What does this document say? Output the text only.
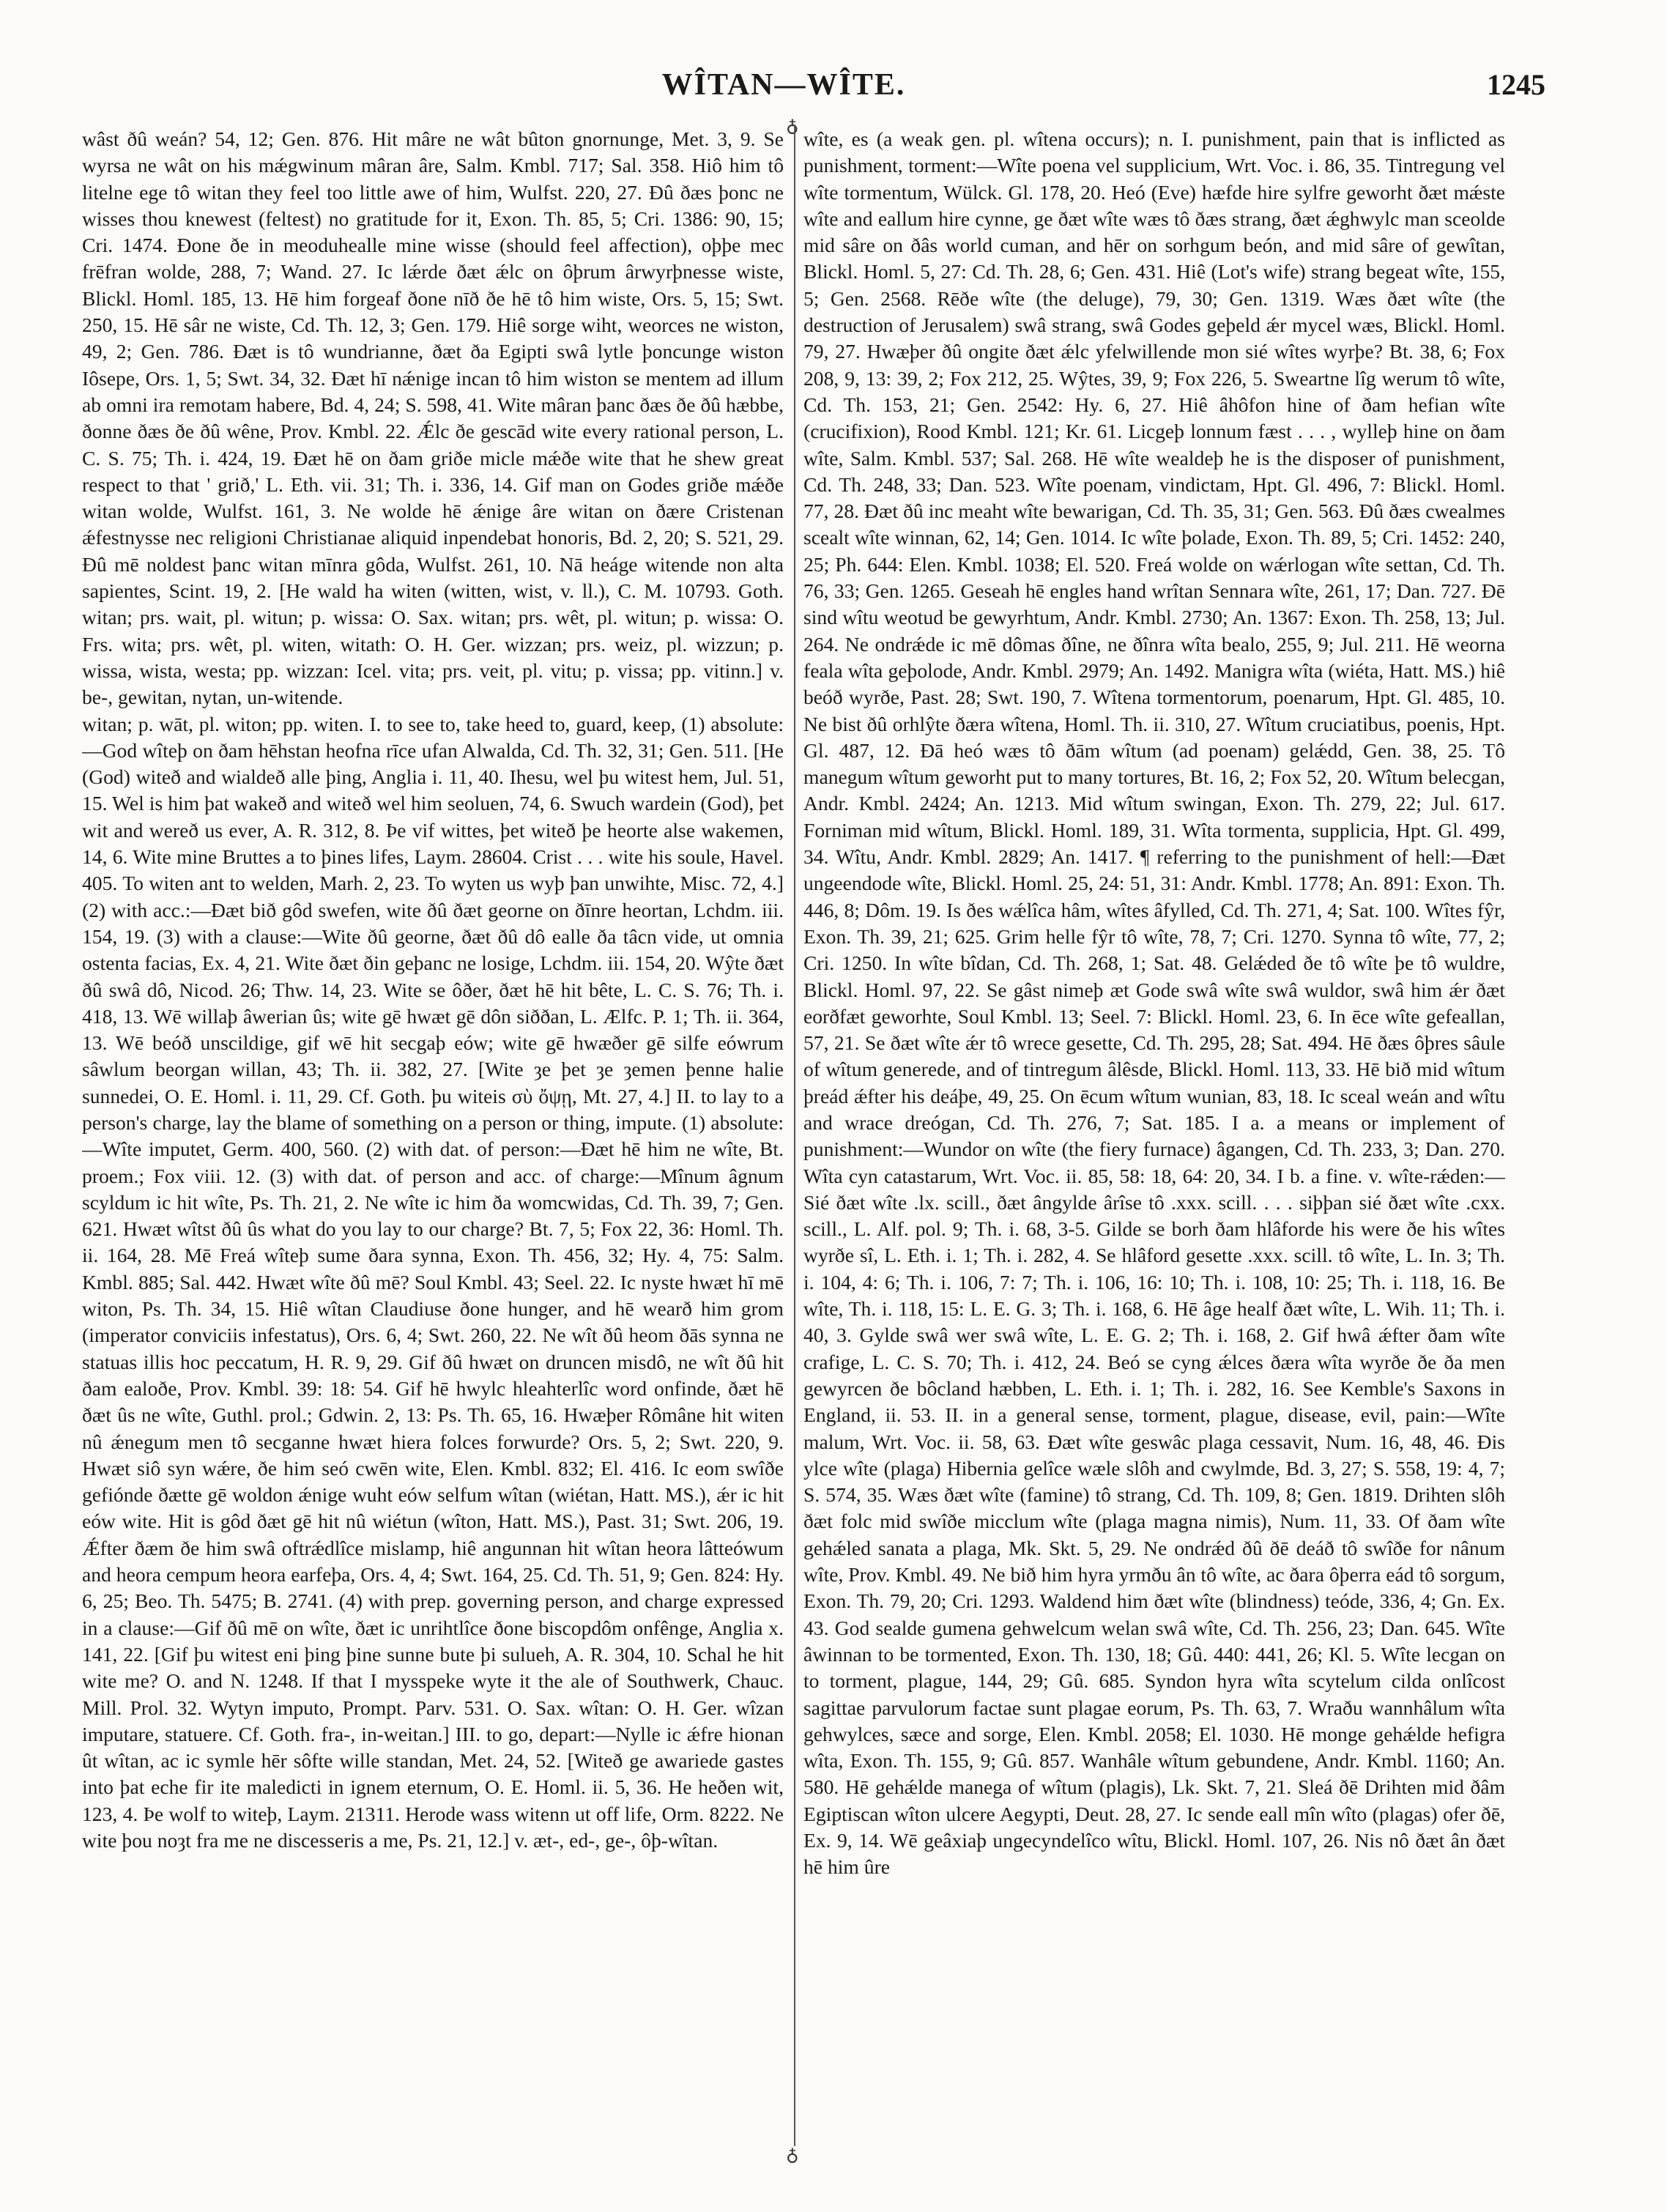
WÎTAN—WÎTE.	1245
♁
♁

wâst ðû weán? 54, 12; Gen. 876. Hit mâre ne wât bûton gnornunge, Met. 3, 9. Se wyrsa ne wât on his mǽgwinum mâran âre, Salm. Kmbl. 717; Sal. 358. Hiô him tô litelne ege tô witan they feel too little awe of him, Wulfst. 220, 27. Ðû ðæs þonc ne wisses thou knewest (feltest) no gratitude for it, Exon. Th. 85, 5; Cri. 1386: 90, 15; Cri. 1474. Ðone ðe in meoduhealle mine wisse (should feel affection), oþþe mec frēfran wolde, 288, 7; Wand. 27. Ic lǽrde ðæt ǽlc on ôþrum ârwyrþnesse wiste, Blickl. Homl. 185, 13. Hē him forgeaf ðone nīð ðe hē tô him wiste, Ors. 5, 15; Swt. 250, 15. Hē sâr ne wiste, Cd. Th. 12, 3; Gen. 179. Hiê sorge wiht, weorces ne wiston, 49, 2; Gen. 786. Ðæt is tô wundrianne, ðæt ða Egipti swâ lytle þoncunge wiston Iôsepe, Ors. 1, 5; Swt. 34, 32. Ðæt hī nǽnige incan tô him wiston se mentem ad illum ab omni ira remotam habere, Bd. 4, 24; S. 598, 41. Wite mâran þanc ðæs ðe ðû hæbbe, ðonne ðæs ðe ðû wêne, Prov. Kmbl. 22. Ǽlc ðe gescād wite every rational person, L. C. S. 75; Th. i. 424, 19. Ðæt hē on ðam griðe micle mǽðe wite that he shew great respect to that ' grið,' L. Eth. vii. 31; Th. i. 336, 14. Gif man on Godes griðe mǽðe witan wolde, Wulfst. 161, 3. Ne wolde hē ǽnige âre witan on ðære Cristenan ǽfestnysse nec religioni Christianae aliquid inpendebat honoris, Bd. 2, 20; S. 521, 29. Ðû mē noldest þanc witan mīnra gôda, Wulfst. 261, 10. Nā heáge witende non alta sapientes, Scint. 19, 2. [He wald ha witen (witten, wist, v. ll.), C. M. 10793. Goth. witan; prs. wait, pl. witun; p. wissa: O. Sax. witan; prs. wêt, pl. witun; p. wissa: O. Frs. wita; prs. wêt, pl. witen, witath: O. H. Ger. wizzan; prs. weiz, pl. wizzun; p. wissa, wista, westa; pp. wizzan: Icel. vita; prs. veit, pl. vitu; p. vissa; pp. vitinn.] v. be-, gewitan, nytan, un-witende.

witan; p. wāt, pl. witon; pp. witen. I. to see to, take heed to, guard, keep, (1) absolute:—God wîteþ on ðam hēhstan heofna rīce ufan Alwalda, Cd. Th. 32, 31; Gen. 511. [He (God) witeð and wialdeð alle þing, Anglia i. 11, 40. Ihesu, wel þu witest hem, Jul. 51, 15. Wel is him þat wakeð and witeð wel him seoluen, 74, 6. Swuch wardein (God), þet wit and wereð us ever, A. R. 312, 8. Þe vif wittes, þet witeð þe heorte alse wakemen, 14, 6. Wite mine Bruttes a to þines lifes, Laym. 28604. Crist . . . wite his soule, Havel. 405. To witen ant to welden, Marh. 2, 23. To wyten us wyþ þan unwihte, Misc. 72, 4.] (2) with acc.:—Ðæt bið gôd swefen, wite ðû ðæt georne on ðīnre heortan, Lchdm. iii. 154, 19. (3) with a clause:—Wite ðû georne, ðæt ðû dô ealle ða tâcn vide, ut omnia ostenta facias, Ex. 4, 21. Wite ðæt ðin geþanc ne losige, Lchdm. iii. 154, 20. Wŷte ðæt ðû swâ dô, Nicod. 26; Thw. 14, 23. Wite se ôðer, ðæt hē hit bête, L. C. S. 76; Th. i. 418, 13. Wē willaþ âwerian ûs; wite gē hwæt gē dôn siððan, L. Ælfc. P. 1; Th. ii. 364, 13. Wē beóð unscildige, gif wē hit secgaþ eów; wite gē hwæðer gē silfe eówrum sâwlum beorgan willan, 43; Th. ii. 382, 27. [Wite ȝe þet ȝe ȝemen þenne halie sunnedei, O. E. Homl. i. 11, 29. Cf. Goth. þu witeis σὺ ὄψῃ, Mt. 27, 4.] II. to lay to a person's charge, lay the blame of something on a person or thing, impute. (1) absolute:—Wîte imputet, Germ. 400, 560. (2) with dat. of person:—Ðæt hē him ne wîte, Bt. proem.; Fox viii. 12. (3) with dat. of person and acc. of charge:—Mînum âgnum scyldum ic hit wîte, Ps. Th. 21, 2. Ne wîte ic him ða womcwidas, Cd. Th. 39, 7; Gen. 621. Hwæt wîtst ðû ûs what do you lay to our charge? Bt. 7, 5; Fox 22, 36: Homl. Th. ii. 164, 28. Mē Freá wîteþ sume ðara synna, Exon. Th. 456, 32; Hy. 4, 75: Salm. Kmbl. 885; Sal. 442. Hwæt wîte ðû mē? Soul Kmbl. 43; Seel. 22. Ic nyste hwæt hī mē witon, Ps. Th. 34, 15. Hiê wîtan Claudiuse ðone hunger, and hē wearð him grom (imperator conviciis infestatus), Ors. 6, 4; Swt. 260, 22. Ne wît ðû heom ðās synna ne statuas illis hoc peccatum, H. R. 9, 29. Gif ðû hwæt on druncen misdô, ne wît ðû hit ðam ealoðe, Prov. Kmbl. 39: 18: 54. Gif hē hwylc hleahterlîc word onfinde, ðæt hē ðæt ûs ne wîte, Guthl. prol.; Gdwin. 2, 13: Ps. Th. 65, 16. Hwæþer Rômâne hit witen nû ǽnegum men tô secganne hwæt hiera folces forwurde? Ors. 5, 2; Swt. 220, 9. Hwæt siô syn wǽre, ðe him seó cwēn wite, Elen. Kmbl. 832; El. 416. Ic eom swîðe gefiónde ðætte gē woldon ǽnige wuht eów selfum wîtan (wiétan, Hatt. MS.), ǽr ic hit eów wite. Hit is gôd ðæt gē hit nû wiétun (wîton, Hatt. MS.), Past. 31; Swt. 206, 19. Ǽfter ðæm ðe him swâ oftrǽdlîce mislamp, hiê angunnan hit wîtan heora lâtteówum and heora cempum heora earfeþa, Ors. 4, 4; Swt. 164, 25. Cd. Th. 51, 9; Gen. 824: Hy. 6, 25; Beo. Th. 5475; B. 2741. (4) with prep. governing person, and charge expressed in a clause:—Gif ðû mē on wîte, ðæt ic unrihtlîce ðone biscopdôm onfênge, Anglia x. 141, 22. [Gif þu witest eni þing þine sunne bute þi sulueh, A. R. 304, 10. Schal he hit wite me? O. and N. 1248. If that I mysspeke wyte it the ale of Southwerk, Chauc. Mill. Prol. 32. Wytyn imputo, Prompt. Parv. 531. O. Sax. wîtan: O. H. Ger. wîzan imputare, statuere. Cf. Goth. fra-, in-weitan.] III. to go, depart:—Nylle ic ǽfre hionan ût wîtan, ac ic symle hēr sôfte wille standan, Met. 24, 52. [Witeð ge awariede gastes into þat eche fir ite maledicti in ignem eternum, O. E. Homl. ii. 5, 36. He heðen wit, 123, 4. Þe wolf to witeþ, Laym. 21311. Herode wass witenn ut off life, Orm. 8222. Ne wite þou noȝt fra me ne discesseris a me, Ps. 21, 12.] v. æt-, ed-, ge-, ôþ-wîtan.

wîte, es (a weak gen. pl. wîtena occurs); n. I. punishment, pain that is inflicted as punishment, torment:—Wîte poena vel supplicium, Wrt. Voc. i. 86, 35. Tintregung vel wîte tormentum, Wülck. Gl. 178, 20. Heó (Eve) hæfde hire sylfre geworht ðæt mǽste wîte and eallum hire cynne, ge ðæt wîte wæs tô ðæs strang, ðæt ǽghwylc man sceolde mid sâre on ðâs world cuman, and hēr on sorhgum beón, and mid sâre of gewîtan, Blickl. Homl. 5, 27: Cd. Th. 28, 6; Gen. 431. Hiê (Lot's wife) strang begeat wîte, 155, 5; Gen. 2568. Rēðe wîte (the deluge), 79, 30; Gen. 1319. Wæs ðæt wîte (the destruction of Jerusalem) swâ strang, swâ Godes geþeld ǽr mycel wæs, Blickl. Homl. 79, 27. Hwæþer ðû ongite ðæt ǽlc yfelwillende mon sié wîtes wyrþe? Bt. 38, 6; Fox 208, 9, 13: 39, 2; Fox 212, 25. Wŷtes, 39, 9; Fox 226, 5. Sweartne lîg werum tô wîte, Cd. Th. 153, 21; Gen. 2542: Hy. 6, 27. Hiê âhôfon hine of ðam hefian wîte (crucifixion), Rood Kmbl. 121; Kr. 61. Licgeþ lonnum fæst . . . , wylleþ hine on ðam wîte, Salm. Kmbl. 537; Sal. 268. Hē wîte wealdeþ he is the disposer of punishment, Cd. Th. 248, 33; Dan. 523. Wîte poenam, vindictam, Hpt. Gl. 496, 7: Blickl. Homl. 77, 28. Ðæt ðû inc meaht wîte bewarigan, Cd. Th. 35, 31; Gen. 563. Ðû ðæs cwealmes scealt wîte winnan, 62, 14; Gen. 1014. Ic wîte þolade, Exon. Th. 89, 5; Cri. 1452: 240, 25; Ph. 644: Elen. Kmbl. 1038; El. 520. Freá wolde on wǽrlogan wîte settan, Cd. Th. 76, 33; Gen. 1265. Geseah hē engles hand wrîtan Sennara wîte, 261, 17; Dan. 727. Ðē sind wîtu weotud be gewyrhtum, Andr. Kmbl. 2730; An. 1367: Exon. Th. 258, 13; Jul. 264. Ne ondrǽde ic mē dômas ðîne, ne ðînra wîta bealo, 255, 9; Jul. 211. Hē weorna feala wîta geþolode, Andr. Kmbl. 2979; An. 1492. Manigra wîta (wiéta, Hatt. MS.) hiê beóð wyrðe, Past. 28; Swt. 190, 7. Wîtena tormentorum, poenarum, Hpt. Gl. 485, 10. Ne bist ðû orhlŷte ðæra wîtena, Homl. Th. ii. 310, 27. Wîtum cruciatibus, poenis, Hpt. Gl. 487, 12. Ðā heó wæs tô ðām wîtum (ad poenam) gelǽdd, Gen. 38, 25. Tô manegum wîtum geworht put to many tortures, Bt. 16, 2; Fox 52, 20. Wîtum belecgan, Andr. Kmbl. 2424; An. 1213. Mid wîtum swingan, Exon. Th. 279, 22; Jul. 617. Forniman mid wîtum, Blickl. Homl. 189, 31. Wîta tormenta, supplicia, Hpt. Gl. 499, 34. Wîtu, Andr. Kmbl. 2829; An. 1417. ¶ referring to the punishment of hell:—Ðæt ungeendode wîte, Blickl. Homl. 25, 24: 51, 31: Andr. Kmbl. 1778; An. 891: Exon. Th. 446, 8; Dôm. 19. Is ðes wǽlîca hâm, wîtes âfylled, Cd. Th. 271, 4; Sat. 100. Wîtes fŷr, Exon. Th. 39, 21; 625. Grim helle fŷr tô wîte, 78, 7; Cri. 1270. Synna tô wîte, 77, 2; Cri. 1250. In wîte bîdan, Cd. Th. 268, 1; Sat. 48. Gelǽded ðe tô wîte þe tô wuldre, Blickl. Homl. 97, 22. Se gâst nimeþ æt Gode swâ wîte swâ wuldor, swâ him ǽr ðæt eorðfæt geworhte, Soul Kmbl. 13; Seel. 7: Blickl. Homl. 23, 6. In ēce wîte gefeallan, 57, 21. Se ðæt wîte ǽr tô wrece gesette, Cd. Th. 295, 28; Sat. 494. Hē ðæs ôþres sâule of wîtum generede, and of tintregum âlêsde, Blickl. Homl. 113, 33. Hē bið mid wîtum þreád ǽfter his deáþe, 49, 25. On ēcum wîtum wunian, 83, 18. Ic sceal weán and wîtu and wrace dreógan, Cd. Th. 276, 7; Sat. 185. I a. a means or implement of punishment:—Wundor on wîte (the fiery furnace) âgangen, Cd. Th. 233, 3; Dan. 270. Wîta cyn catastarum, Wrt. Voc. ii. 85, 58: 18, 64: 20, 34. I b. a fine. v. wîte-rǽden:—Sié ðæt wîte .lx. scill., ðæt ângylde ârîse tô .xxx. scill. . . . siþþan sié ðæt wîte .cxx. scill., L. Alf. pol. 9; Th. i. 68, 3-5. Gilde se borh ðam hlâforde his were ðe his wîtes wyrðe sî, L. Eth. i. 1; Th. i. 282, 4. Se hlâford gesette .xxx. scill. tô wîte, L. In. 3; Th. i. 104, 4: 6; Th. i. 106, 7: 7; Th. i. 106, 16: 10; Th. i. 108, 10: 25; Th. i. 118, 16. Be wîte, Th. i. 118, 15: L. E. G. 3; Th. i. 168, 6. Hē âge healf ðæt wîte, L. Wih. 11; Th. i. 40, 3. Gylde swâ wer swâ wîte, L. E. G. 2; Th. i. 168, 2. Gif hwâ ǽfter ðam wîte crafige, L. C. S. 70; Th. i. 412, 24. Beó se cyng ǽlces ðæra wîta wyrðe ðe ða men gewyrcen ðe bôcland hæbben, L. Eth. i. 1; Th. i. 282, 16. See Kemble's Saxons in England, ii. 53. II. in a general sense, torment, plague, disease, evil, pain:—Wîte malum, Wrt. Voc. ii. 58, 63. Ðæt wîte geswâc plaga cessavit, Num. 16, 48, 46. Ðis ylce wîte (plaga) Hibernia gelîce wæle slôh and cwylmde, Bd. 3, 27; S. 558, 19: 4, 7; S. 574, 35. Wæs ðæt wîte (famine) tô strang, Cd. Th. 109, 8; Gen. 1819. Drihten slôh ðæt folc mid swîðe micclum wîte (plaga magna nimis), Num. 11, 33. Of ðam wîte gehǽled sanata a plaga, Mk. Skt. 5, 29. Ne ondrǽd ðû ðē deáð tô swîðe for nânum wîte, Prov. Kmbl. 49. Ne bið him hyra yrmðu ân tô wîte, ac ðara ôþerra eád tô sorgum, Exon. Th. 79, 20; Cri. 1293. Waldend him ðæt wîte (blindness) teóde, 336, 4; Gn. Ex. 43. God sealde gumena gehwelcum welan swâ wîte, Cd. Th. 256, 23; Dan. 645. Wîte âwinnan to be tormented, Exon. Th. 130, 18; Gû. 440: 441, 26; Kl. 5. Wîte lecgan on to torment, plague, 144, 29; Gû. 685. Syndon hyra wîta scytelum cilda onlîcost sagittae parvulorum factae sunt plagae eorum, Ps. Th. 63, 7. Wraðu wannhâlum wîta gehwylces, sæce and sorge, Elen. Kmbl. 2058; El. 1030. Hē monge gehǽlde hefigra wîta, Exon. Th. 155, 9; Gû. 857. Wanhâle wîtum gebundene, Andr. Kmbl. 1160; An. 580. Hē gehǽlde manega of wîtum (plagis), Lk. Skt. 7, 21. Sleá ðē Drihten mid ðâm Egiptiscan wîton ulcere Aegypti, Deut. 28, 27. Ic sende eall mîn wîto (plagas) ofer ðē, Ex. 9, 14. Wē geâxiaþ ungecyndelîco wîtu, Blickl. Homl. 107, 26. Nis nô ðæt ân ðæt hē him ûre
